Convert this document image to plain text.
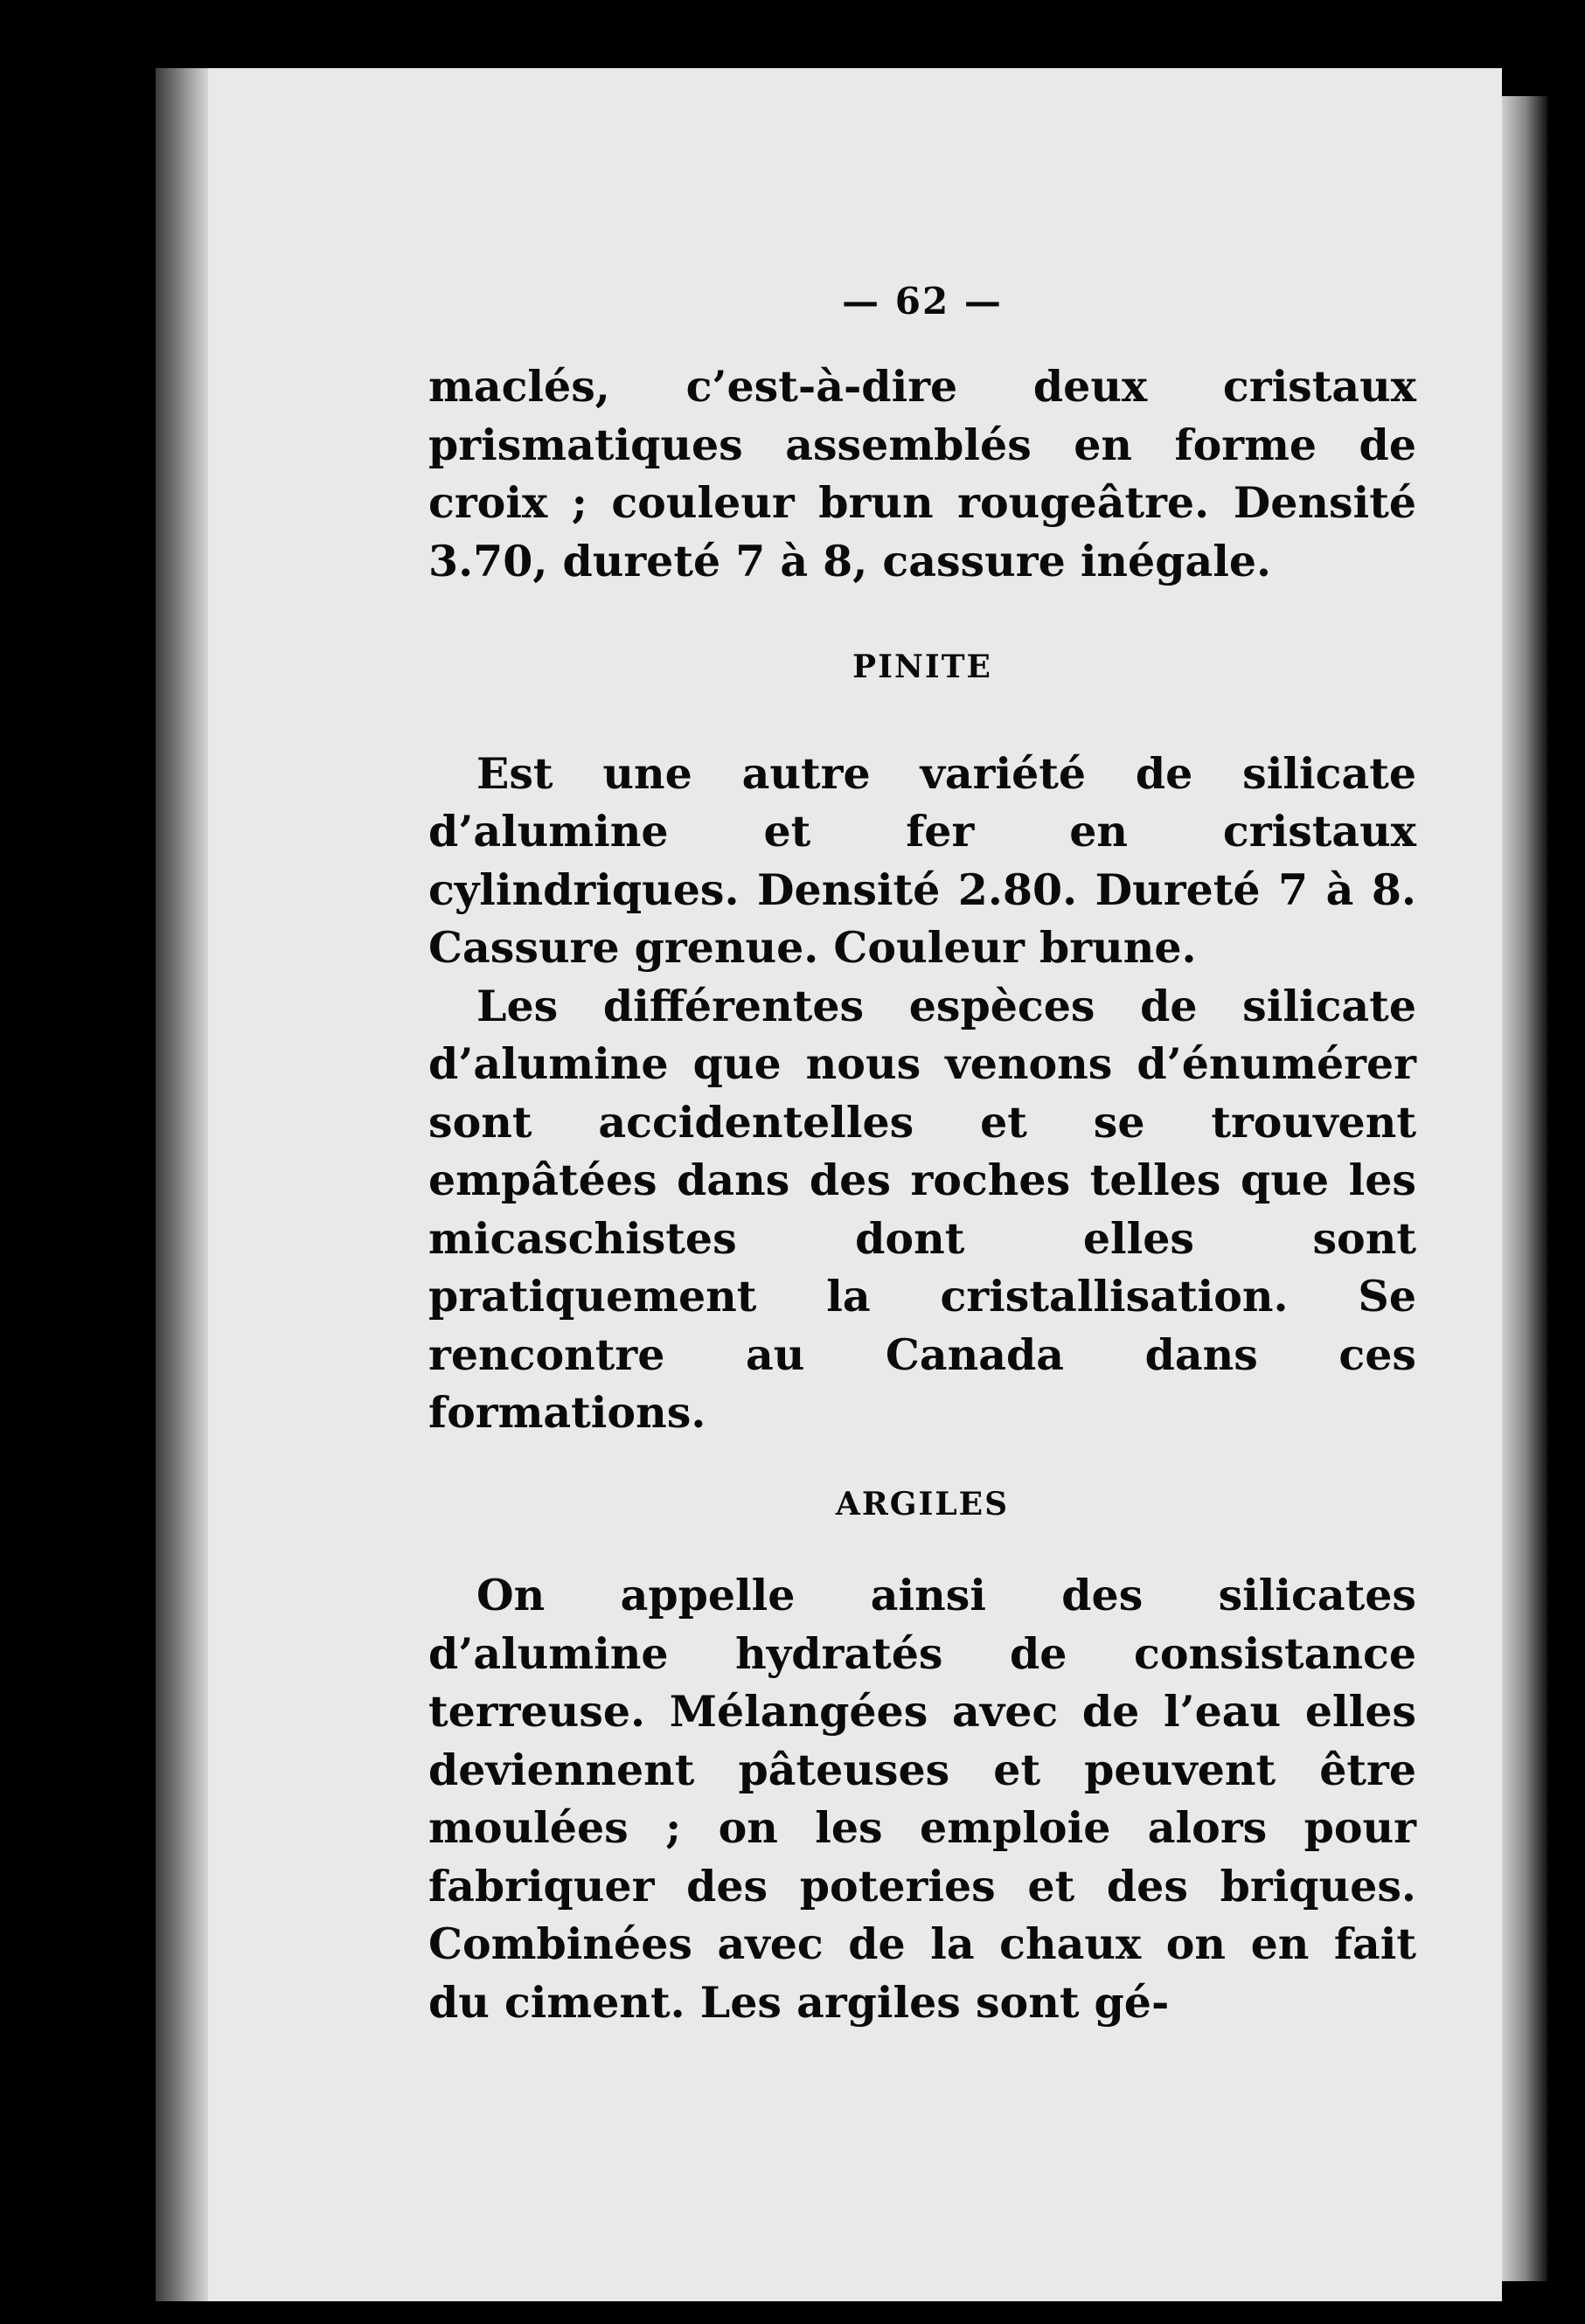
— 62 —

maclés, c’est-à-dire deux cristaux prismatiques assemblés en forme de croix ; couleur brun rougeâtre. Densité 3.70, dureté 7 à 8, cassure inégale.

PINITE

Est une autre variété de silicate d’alumine et fer en cristaux cylindriques. Densité 2.80. Dureté 7 à 8. Cassure grenue. Couleur brune.

Les différentes espèces de silicate d’alumine que nous venons d’énumérer sont accidentelles et se trouvent empâtées dans des roches telles que les micaschistes dont elles sont pratiquement la cristallisation. Se rencontre au Canada dans ces formations.

ARGILES

On appelle ainsi des silicates d’alumine hydratés de consistance terreuse. Mélangées avec de l’eau elles deviennent pâteuses et peuvent être moulées ; on les emploie alors pour fabriquer des poteries et des briques. Combinées avec de la chaux on en fait du ciment. Les argiles sont gé-
